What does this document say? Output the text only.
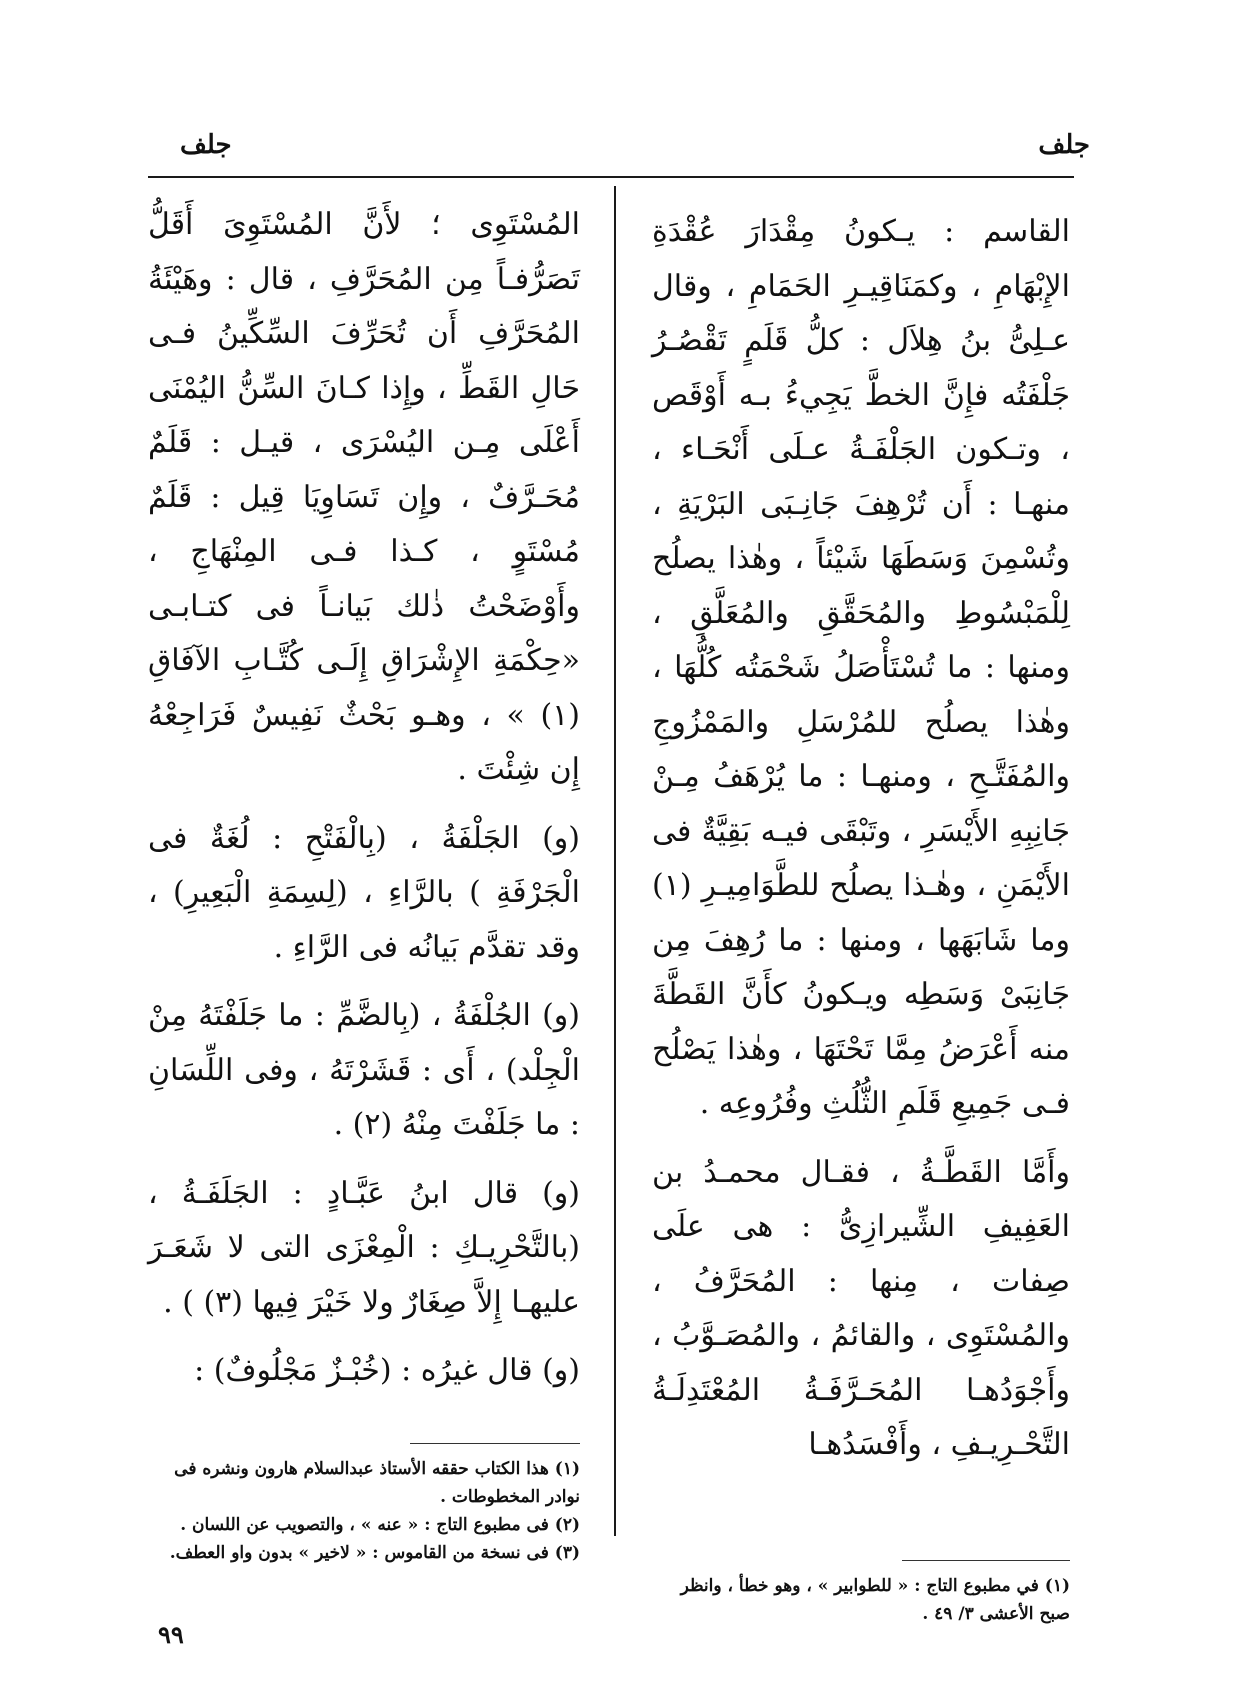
جلف
جلف

القاسم : يـكونُ مِقْدَارَ عُقْدَةِ الإِبْهَامِ ، وكمَنَاقِيـرِ الحَمَامِ ، وقال عـلِىُّ بنُ هِلاَل : كلُّ قَلَمٍ تَقْصُـرُ جَلْفَتُه فإِنَّ الخطَّ يَجِيءُ بـه أَوْقَص ، وتـكون الجَلْفَـةُ عـلَى أَنْحَـاء ، منهـا : أَن تُرْهِفَ جَانِـبَى البَرْيَةِ ، وتُسْمِنَ وَسَطَهَا شَيْئاً ، وهٰذا يصلُح لِلْمَبْسُوطِ والمُحَقَّقِ والمُعَلَّقِ ، ومنها : ما تُسْتَأْصَلُ شَحْمَتُه كُلُّهَا ، وهٰذا يصلُح للمُرْسَلِ والمَمْزُوجِ والمُفَتَّـحِ ، ومنهـا : ما يُرْهَفُ مِـنْ جَانِبِهِ الأَيْسَرِ ، وتَبْقَى فيـه بَقِيَّةٌ فى الأَيْمَنِ ، وهٰـذا يصلُح للطَّوَامِيـرِ (١) وما شَابَهَها ، ومنها : ما رُهِفَ مِن جَانِبَىْ وَسَطِه ويـكونُ كأَنَّ القَطَّةَ منه أَعْرَضُ مِمَّا تَحْتَهَا ، وهٰذا يَصْلُح فـى جَمِيعِ قَلَمِ الثُّلُثِ وفُرُوعِه .

وأَمَّا القَطَّـةُ ، فقـال محمـدُ بن العَفِيفِ الشِّيرازِىُّ : هى علَى صِفات ، مِنها : المُحَرَّفُ ، والمُسْتَوِى ، والقائمُ ، والمُصَـوَّبُ ، وأَجْوَدُهـا المُحَـرَّفَـةُ المُعْتَدِلَـةُ التَّحْـرِيـفِ ، وأَفْسَدُهـا

المُسْتَوِى ؛ لأَنَّ المُسْتَوِىَ أَقَلُّ تَصَرُّفـاً مِن المُحَرَّفِ ، قال : وهَيْئَةُ المُحَرَّفِ أَن تُحَرِّفَ السِّكِّينُ فـى حَالِ القَطِّ ، وإِذا كـانَ السِّنُّ اليُمْنَى أَعْلَى مِـن اليُسْرَى ، قيـل : قَلَمٌ مُحَـرَّفٌ ، وإِن تَسَاوِيَا قِيل : قَلَمٌ مُسْتَوٍ ، كـذا فـى المِنْهَاجِ ، وأَوْضَحْتُ ذٰلك بَيانـاً فى كتـابـى «حِكْمَةِ الإِشْرَاقِ إِلَـى كُتَّـابِ الآفَاقِ (١) » ، وهـو بَحْثٌ نَفِيسٌ فَرَاجِعْهُ إِن شِئْتَ .

(و) الجَلْفَةُ ، (بِالْفَتْحِ : لُغَةٌ فى الْجَرْفَةِ ) بالرَّاءِ ، (لِسِمَةِ الْبَعِيرِ) ، وقد تقدَّم بَيانُه فى الرَّاءِ .

(و) الجُلْفَةُ ، (بِالضَّمِّ : ما جَلَفْتَهُ مِنْ الْجِلْد) ، أَى : قَشَرْتَهُ ، وفى اللِّسَانِ : ما جَلَفْتَ مِنْهُ (٢) .

(و) قال ابنُ عَبَّـادٍ : الجَلَفَـةُ ، (بالتَّحْرِيـكِ : الْمِعْزَى التى لا شَعَـرَ عليهـا إِلاَّ صِغَارٌ ولا خَيْرَ فِيها (٣) ) .

(و) قال غيرُه : (خُبْـزٌ مَجْلُوفٌ) :

(١) في مطبوع التاج : « للطوابير » ، وهو خطأ ، وانظر صبح الأعشى ٣/ ٤٩ .

(١) هذا الكتاب حققه الأستاذ عبدالسلام هارون ونشره فى نوادر المخطوطات .

(٢) فى مطبوع التاج : « عنه » ، والتصويب عن اللسان .

(٣) فى نسخة من القاموس : « لاخير » بدون واو العطف.

٩٩
